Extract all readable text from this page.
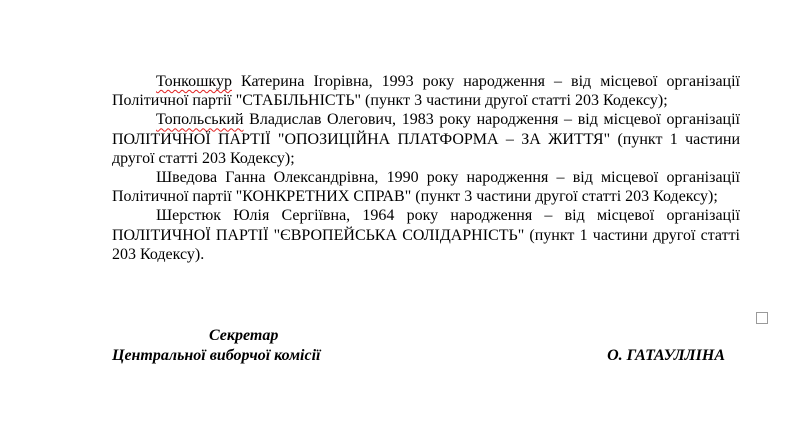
Тонкошкур Катерина Ігорівна, 1993 року народження – від місцевої організації Політичної партії "СТАБІЛЬНІСТЬ" (пункт 3 частини другої статті 203 Кодексу);

Топольський Владислав Олегович, 1983 року народження – від місцевої організації ПОЛІТИЧНОЇ ПАРТІЇ "ОПОЗИЦІЙНА ПЛАТФОРМА – ЗА ЖИТТЯ" (пункт 1 частини другої статті 203 Кодексу);

Шведова Ганна Олександрівна, 1990 року народження – від місцевої організації Політичної партії "КОНКРЕТНИХ СПРАВ" (пункт 3 частини другої статті 203 Кодексу);

Шерстюк Юлія Сергіївна, 1964 року народження – від місцевої організації ПОЛІТИЧНОЇ ПАРТІЇ "ЄВРОПЕЙСЬКА СОЛІДАРНІСТЬ" (пункт 1 частини другої статті 203 Кодексу).

Секретар
Центральної виборчої комісії	О. ГАТАУЛЛІНА
